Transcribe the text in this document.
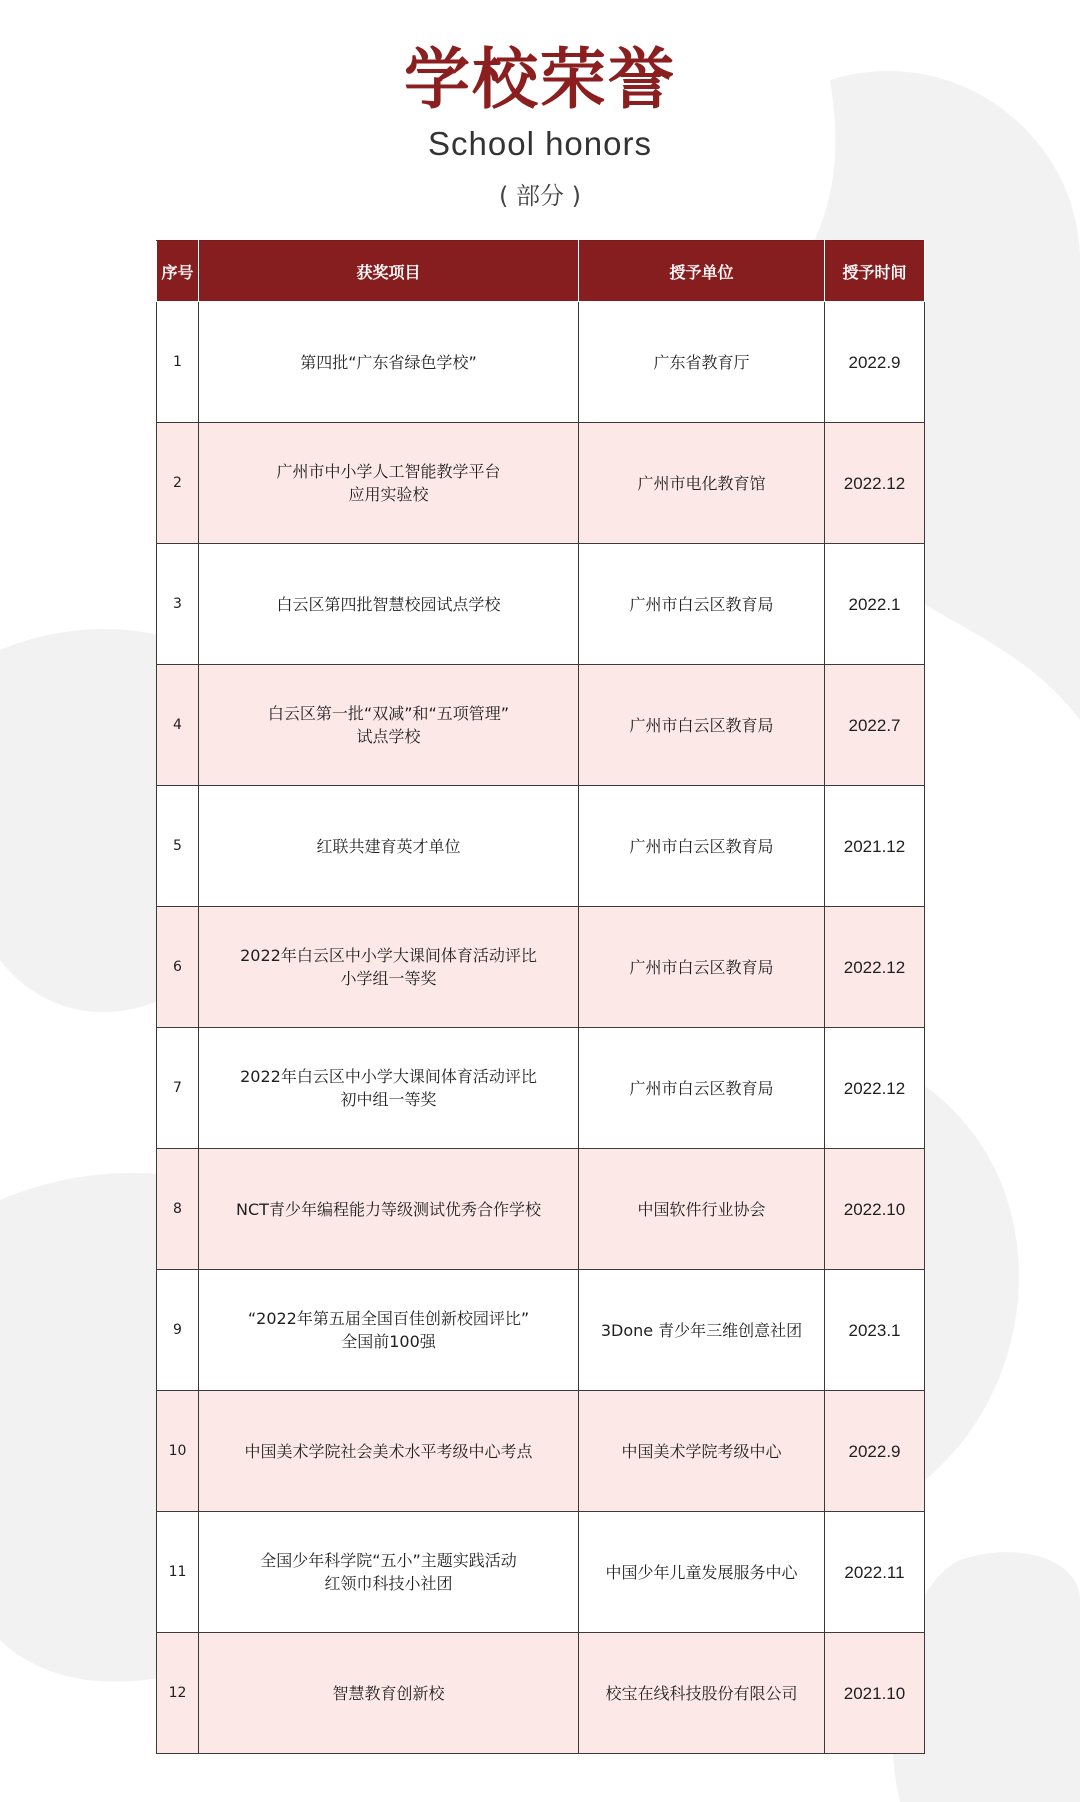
学校荣誉
School honors
( 部分 )
序号	获奖项目	授予单位	授予时间
1	第四批“广东省绿色学校”	广东省教育厅	2022.9
2	广州市中小学人工智能教学平台
应用实验校	广州市电化教育馆	2022.12
3	白云区第四批智慧校园试点学校	广州市白云区教育局	2022.1
4	白云区第一批“双减”和“五项管理”
试点学校	广州市白云区教育局	2022.7
5	红联共建育英才单位	广州市白云区教育局	2021.12
6	2022年白云区中小学大课间体育活动评比
小学组一等奖	广州市白云区教育局	2022.12
7	2022年白云区中小学大课间体育活动评比
初中组一等奖	广州市白云区教育局	2022.12
8	NCT青少年编程能力等级测试优秀合作学校	中国软件行业协会	2022.10
9	“2022年第五届全国百佳创新校园评比”
全国前100强	3Done 青少年三维创意社团	2023.1
10	中国美术学院社会美术水平考级中心考点	中国美术学院考级中心	2022.9
11	全国少年科学院“五小”主题实践活动
红领巾科技小社团	中国少年儿童发展服务中心	2022.11
12	智慧教育创新校	校宝在线科技股份有限公司	2021.10
